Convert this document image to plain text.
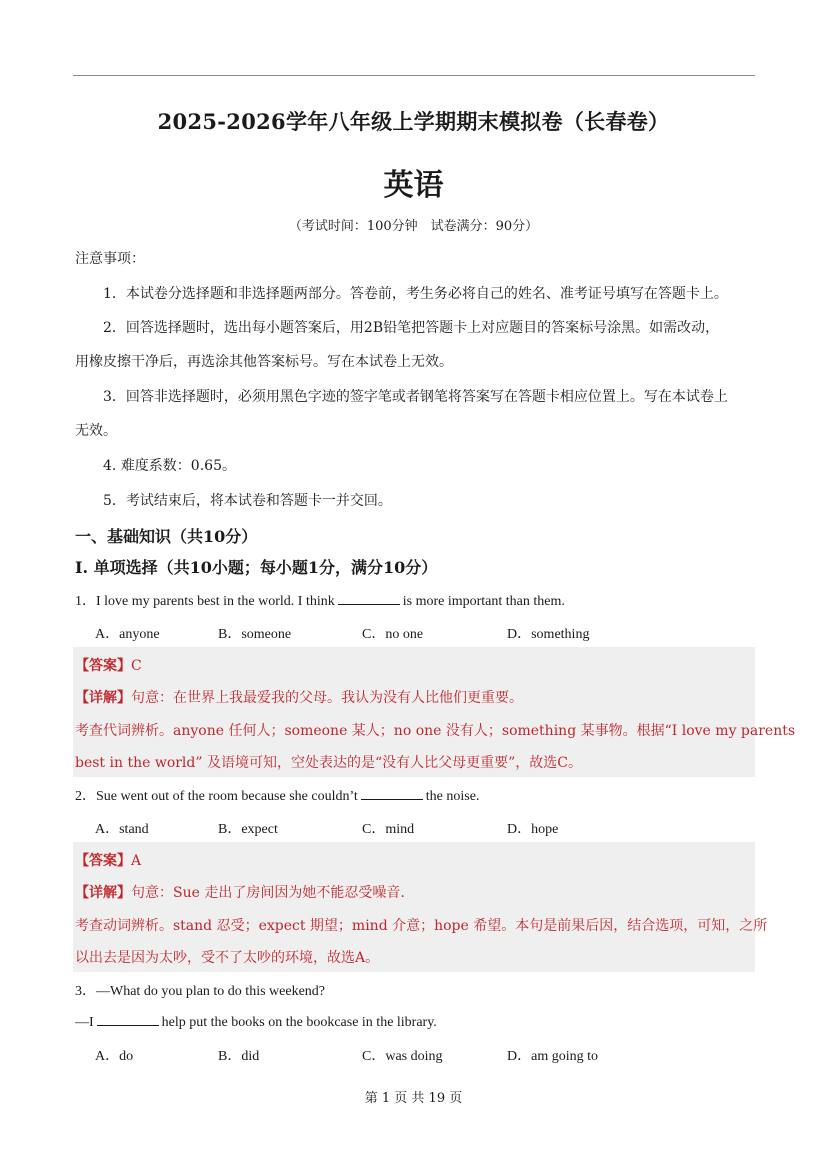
2025-2026学年八年级上学期期末模拟卷（长春卷）
英语
（考试时间：100分钟　试卷满分：90分）
注意事项：
1．本试卷分选择题和非选择题两部分。答卷前，考生务必将自己的姓名、准考证号填写在答题卡上。
2．回答选择题时，选出每小题答案后，用2B铅笔把答题卡上对应题目的答案标号涂黑。如需改动，
用橡皮擦干净后，再选涂其他答案标号。写在本试卷上无效。
3．回答非选择题时，必须用黑色字迹的签字笔或者钢笔将答案写在答题卡相应位置上。写在本试卷上
无效。
4. 难度系数：0.65。
5．考试结束后，将本试卷和答题卡一并交回。
一、基础知识（共10分）
I. 单项选择（共10小题；每小题1分，满分10分）
1．I love my parents best in the world. I think	is more important than them.
A．anyone	B．someone	C．no one	D．something
【答案】C
【详解】句意：在世界上我最爱我的父母。我认为没有人比他们更重要。
考查代词辨析。anyone 任何人；someone 某人；no one 没有人；something 某事物。根据“I love my parents
best in the world” 及语境可知，空处表达的是“没有人比父母更重要”，故选C。
2．Sue went out of the room because she couldn’t	the noise.
A．stand	B．expect	C．mind	D．hope
【答案】A
【详解】句意：Sue 走出了房间因为她不能忍受噪音.
考查动词辨析。stand 忍受；expect 期望；mind 介意；hope 希望。本句是前果后因，结合选项，可知，之所
以出去是因为太吵，受不了太吵的环境，故选A。
3．—What do you plan to do this weekend?
—I	help put the books on the bookcase in the library.
A．do	B．did	C．was doing	D．am going to
第 1 页 共 19 页
